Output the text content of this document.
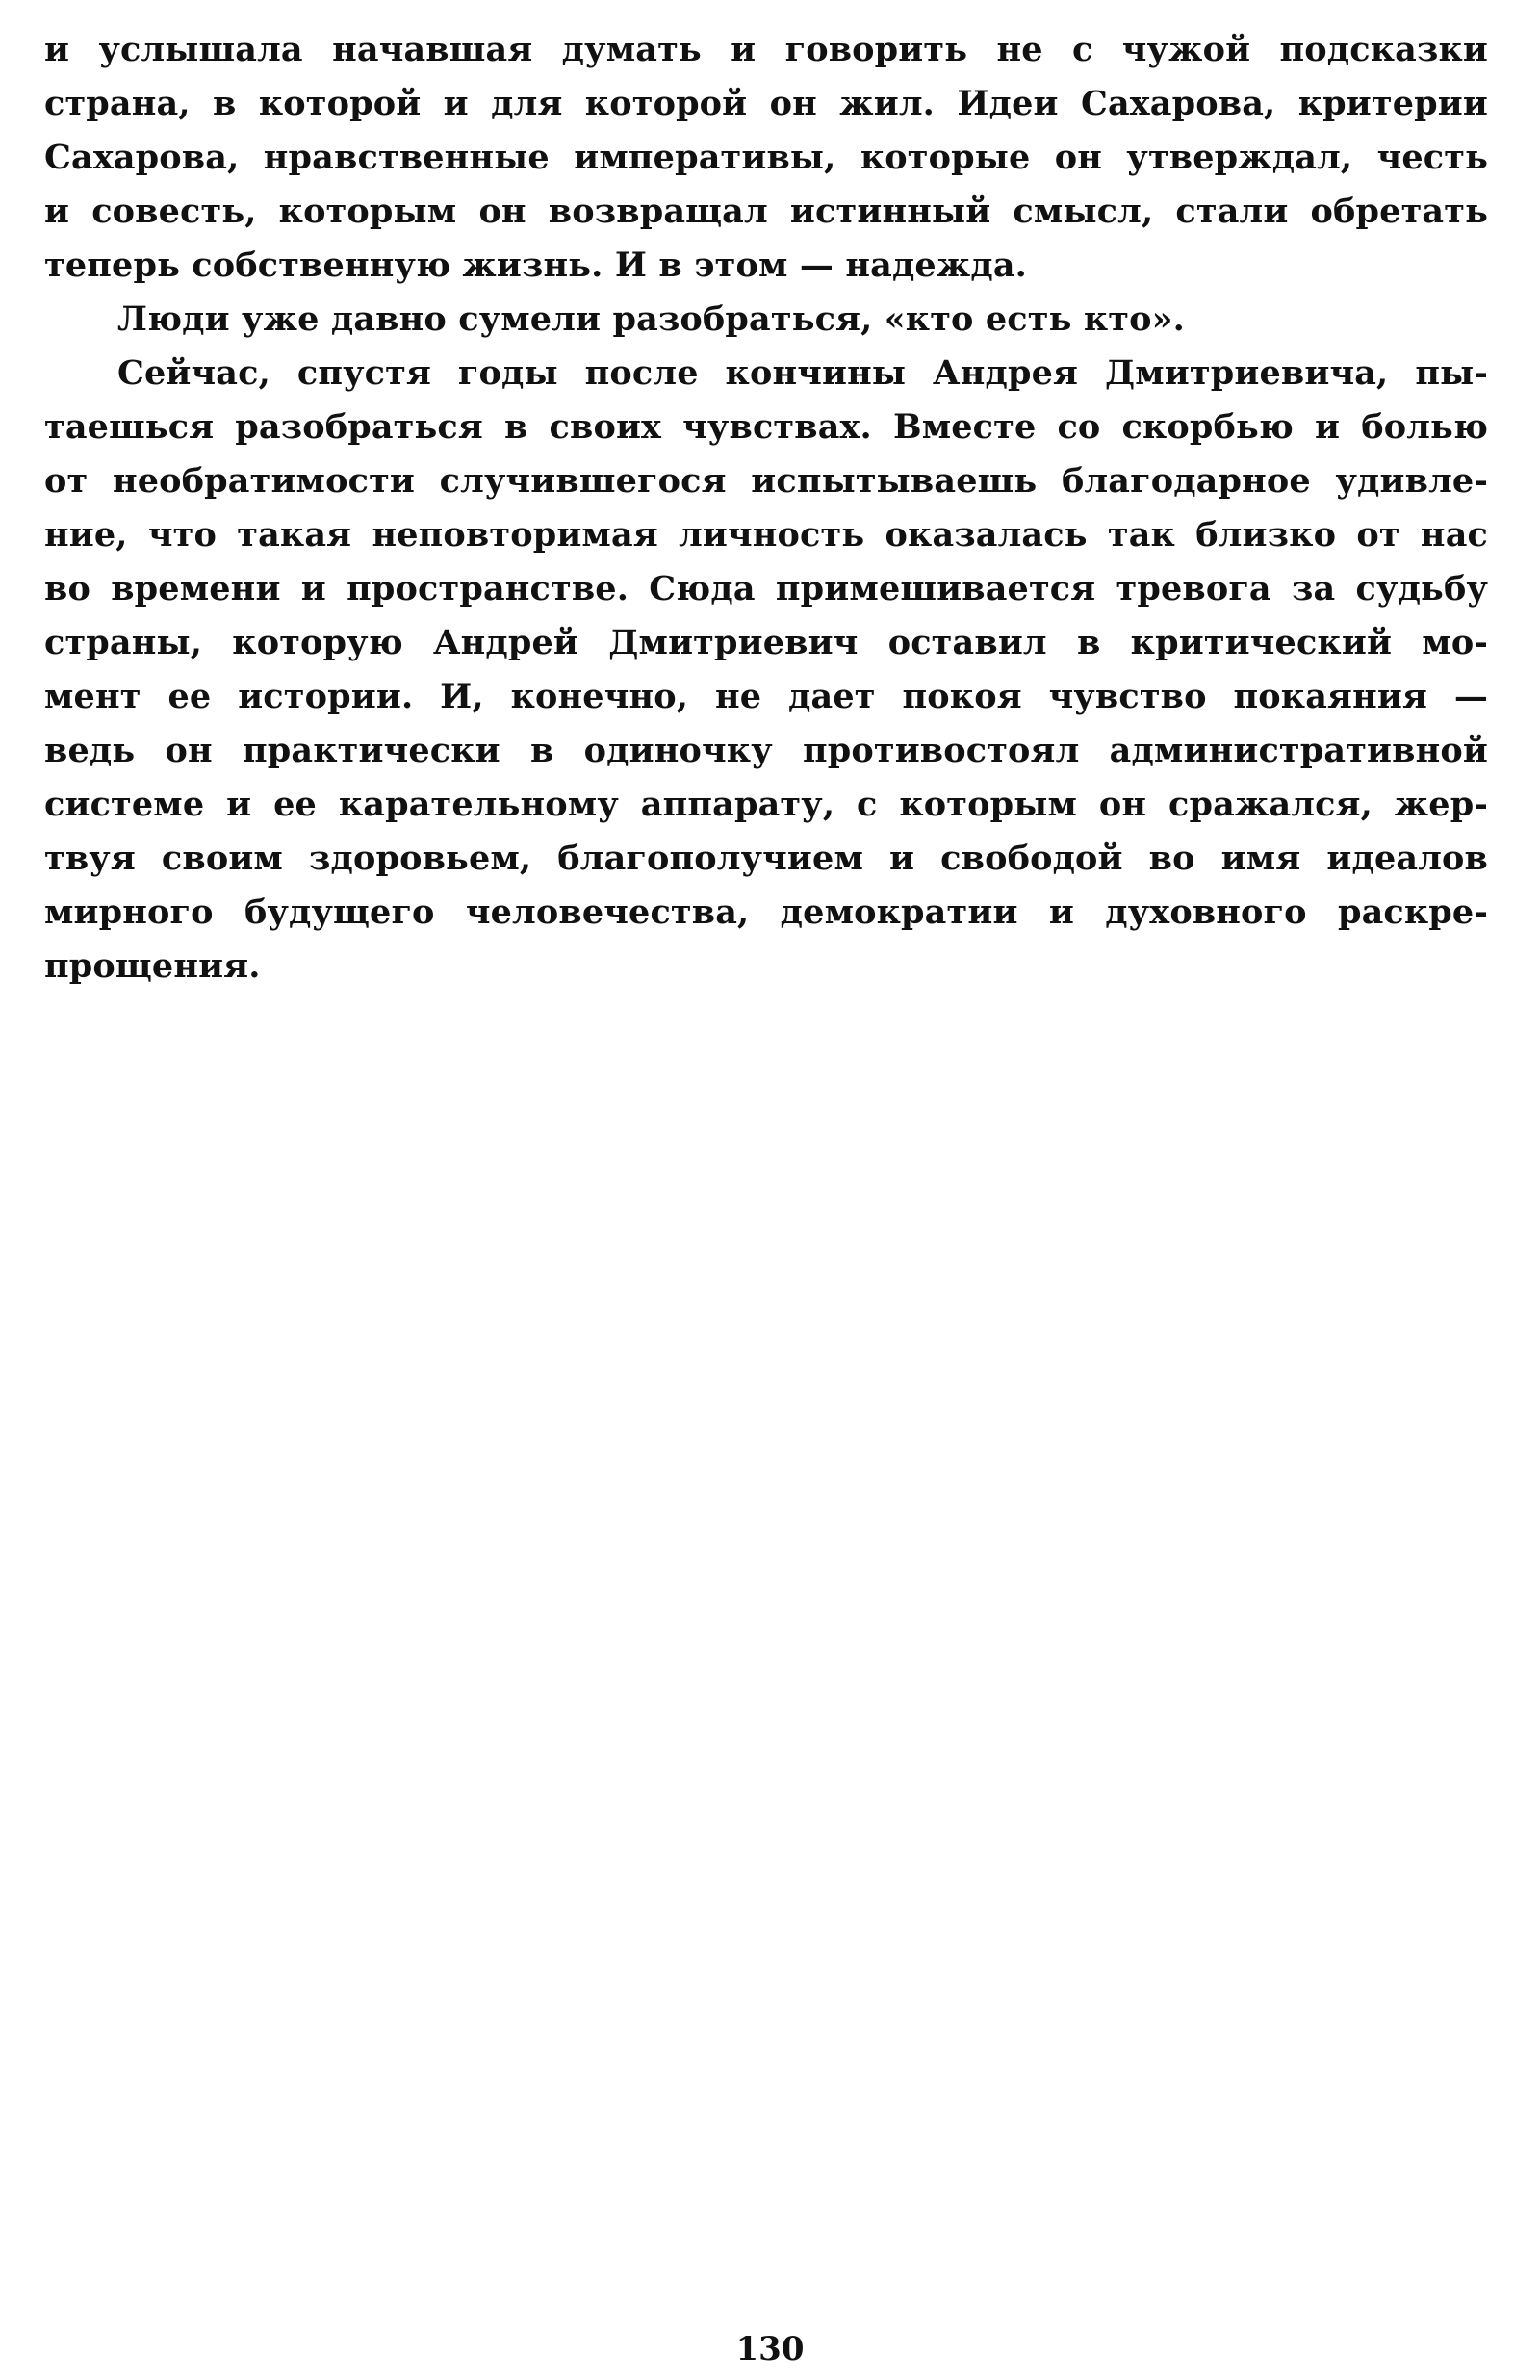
и услышала начавшая думать и говорить не с чужой подсказки
страна, в которой и для которой он жил. Идеи Сахарова, критерии
Сахарова, нравственные императивы, которые он утверждал, честь
и совесть, которым он возвращал истинный смысл, стали обретать
теперь собственную жизнь. И в этом — надежда.
Люди уже давно сумели разобраться, «кто есть кто».
Сейчас, спустя годы после кончины Андрея Дмитриевича, пы-
таешься разобраться в своих чувствах. Вместе со скорбью и болью
от необратимости случившегося испытываешь благодарное удивле-
ние, что такая неповторимая личность оказалась так близко от нас
во времени и пространстве. Сюда примешивается тревога за судьбу
страны, которую Андрей Дмитриевич оставил в критический мо-
мент ее истории. И, конечно, не дает покоя чувство покаяния —
ведь он практически в одиночку противостоял административной
системе и ее карательному аппарату, с которым он сражался, жер-
твуя своим здоровьем, благополучием и свободой во имя идеалов
мирного будущего человечества, демократии и духовного раскре-
прощения.
130
